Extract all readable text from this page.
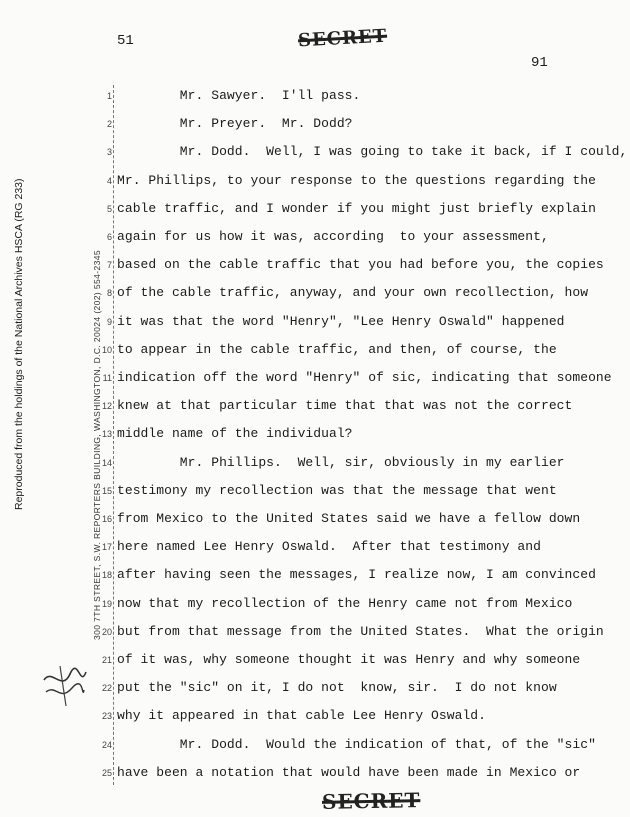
51	SECRET
91
Reproduced from the holdings of the National Archives HSCA (RG 233)	300 7TH STREET, S.W. REPORTERS BUILDING, WASHINGTON, D.C. 20024 (202) 554-2345
1 Mr. Sawyer.  I'll pass.
2 Mr. Preyer.  Mr. Dodd?
3 Mr. Dodd.  Well, I was going to take it back, if I could,
4 Mr. Phillips, to your response to the questions regarding the
5 cable traffic, and I wonder if you might just briefly explain
6 again for us how it was, according  to your assessment,
7 based on the cable traffic that you had before you, the copies
8 of the cable traffic, anyway, and your own recollection, how
9 it was that the word "Henry", "Lee Henry Oswald" happened
10 to appear in the cable traffic, and then, of course, the
11 indication off the word "Henry" of sic, indicating that someone
12 knew at that particular time that that was not the correct
13 middle name of the individual?
14 Mr. Phillips.  Well, sir, obviously in my earlier
15 testimony my recollection was that the message that went
16 from Mexico to the United States said we have a fellow down
17 here named Lee Henry Oswald.  After that testimony and
18 after having seen the messages, I realize now, I am convinced
19 now that my recollection of the Henry came not from Mexico
20 but from that message from the United States.  What the origin
21 of it was, why someone thought it was Henry and why someone
22 put the "sic" on it, I do not  know, sir.  I do not know
23 why it appeared in that cable Lee Henry Oswald.
24 Mr. Dodd.  Would the indication of that, of the "sic"
25 have been a notation that would have been made in Mexico or
SECRET
